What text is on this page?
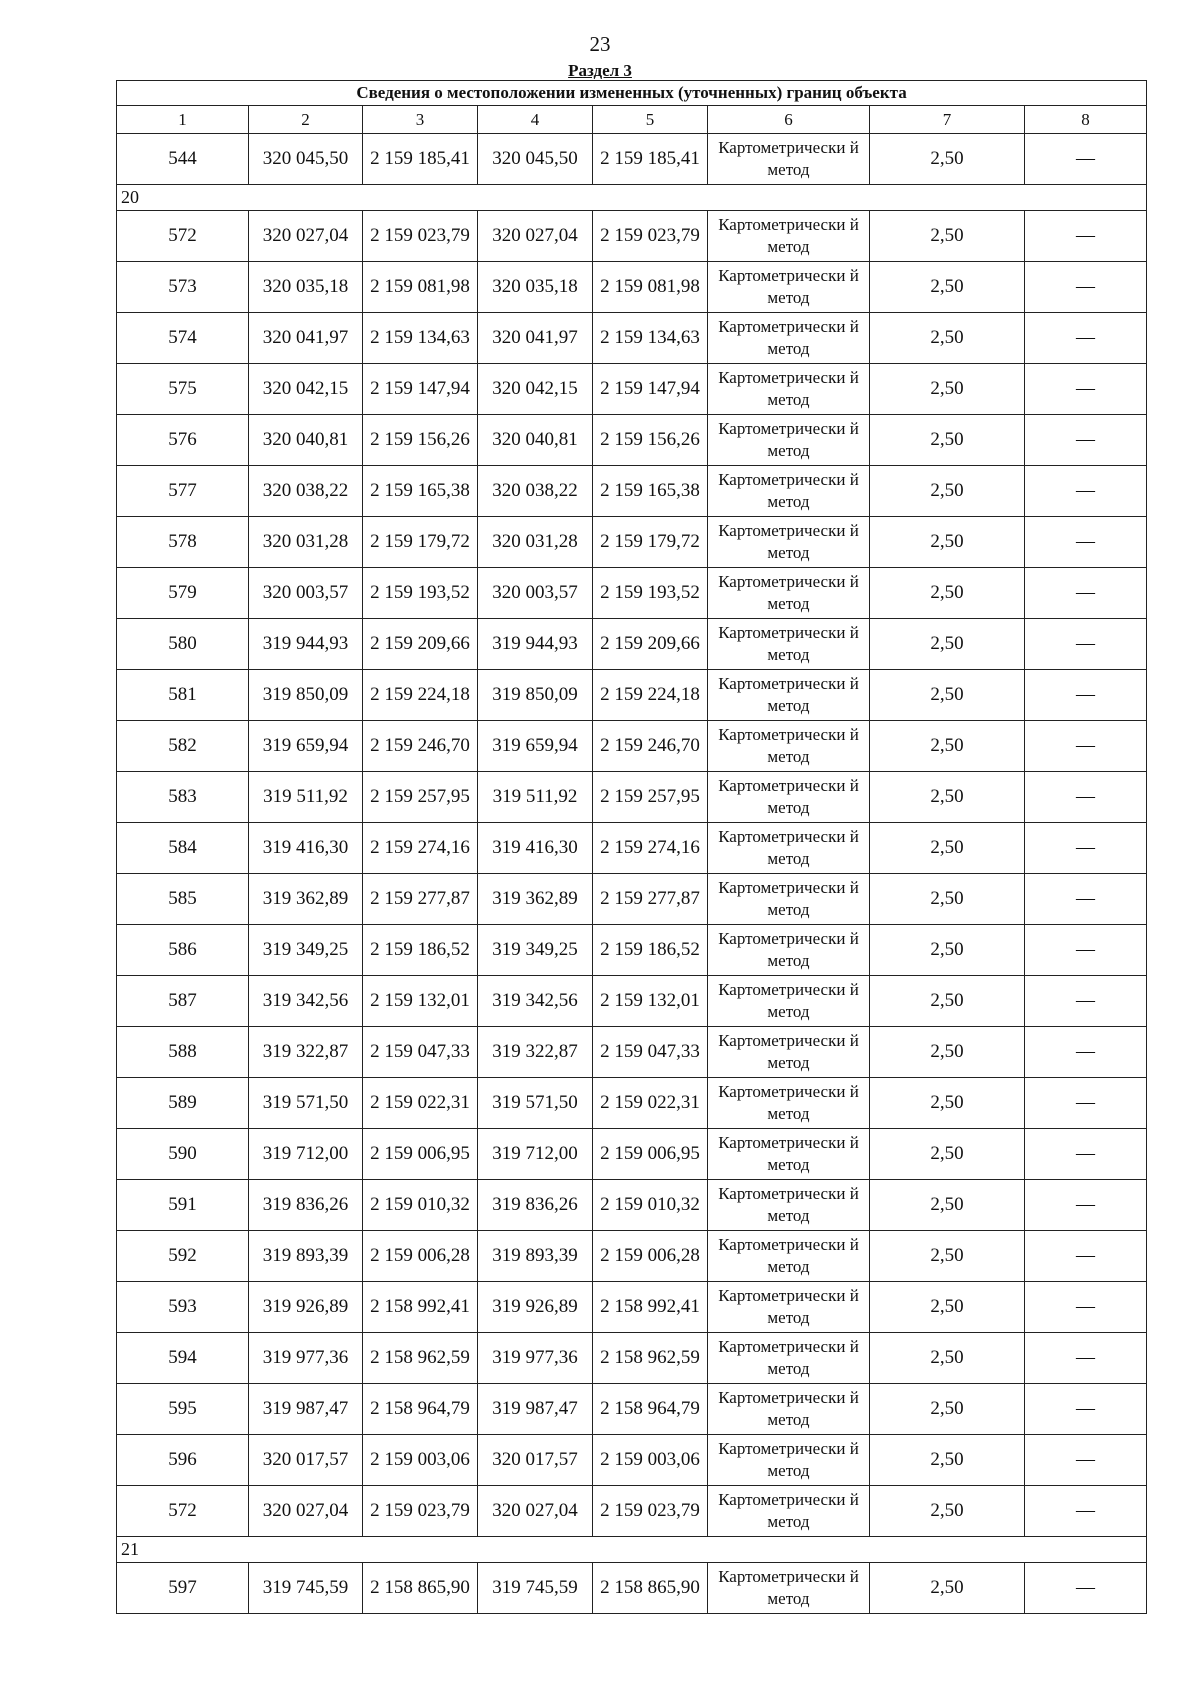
23
Раздел 3
Сведения о местоположении измененных (уточненных) границ объекта							
1	2	3	4	5	6	7	8
544	320 045,50	2 159 185,41	320 045,50	2 159 185,41	Картометрически й метод	2,50	—
20							
572	320 027,04	2 159 023,79	320 027,04	2 159 023,79	Картометрически й метод	2,50	—
573	320 035,18	2 159 081,98	320 035,18	2 159 081,98	Картометрически й метод	2,50	—
574	320 041,97	2 159 134,63	320 041,97	2 159 134,63	Картометрически й метод	2,50	—
575	320 042,15	2 159 147,94	320 042,15	2 159 147,94	Картометрически й метод	2,50	—
576	320 040,81	2 159 156,26	320 040,81	2 159 156,26	Картометрически й метод	2,50	—
577	320 038,22	2 159 165,38	320 038,22	2 159 165,38	Картометрически й метод	2,50	—
578	320 031,28	2 159 179,72	320 031,28	2 159 179,72	Картометрически й метод	2,50	—
579	320 003,57	2 159 193,52	320 003,57	2 159 193,52	Картометрически й метод	2,50	—
580	319 944,93	2 159 209,66	319 944,93	2 159 209,66	Картометрически й метод	2,50	—
581	319 850,09	2 159 224,18	319 850,09	2 159 224,18	Картометрически й метод	2,50	—
582	319 659,94	2 159 246,70	319 659,94	2 159 246,70	Картометрически й метод	2,50	—
583	319 511,92	2 159 257,95	319 511,92	2 159 257,95	Картометрически й метод	2,50	—
584	319 416,30	2 159 274,16	319 416,30	2 159 274,16	Картометрически й метод	2,50	—
585	319 362,89	2 159 277,87	319 362,89	2 159 277,87	Картометрически й метод	2,50	—
586	319 349,25	2 159 186,52	319 349,25	2 159 186,52	Картометрически й метод	2,50	—
587	319 342,56	2 159 132,01	319 342,56	2 159 132,01	Картометрически й метод	2,50	—
588	319 322,87	2 159 047,33	319 322,87	2 159 047,33	Картометрически й метод	2,50	—
589	319 571,50	2 159 022,31	319 571,50	2 159 022,31	Картометрически й метод	2,50	—
590	319 712,00	2 159 006,95	319 712,00	2 159 006,95	Картометрически й метод	2,50	—
591	319 836,26	2 159 010,32	319 836,26	2 159 010,32	Картометрически й метод	2,50	—
592	319 893,39	2 159 006,28	319 893,39	2 159 006,28	Картометрически й метод	2,50	—
593	319 926,89	2 158 992,41	319 926,89	2 158 992,41	Картометрически й метод	2,50	—
594	319 977,36	2 158 962,59	319 977,36	2 158 962,59	Картометрически й метод	2,50	—
595	319 987,47	2 158 964,79	319 987,47	2 158 964,79	Картометрически й метод	2,50	—
596	320 017,57	2 159 003,06	320 017,57	2 159 003,06	Картометрически й метод	2,50	—
572	320 027,04	2 159 023,79	320 027,04	2 159 023,79	Картометрически й метод	2,50	—
21							
597	319 745,59	2 158 865,90	319 745,59	2 158 865,90	Картометрически й метод	2,50	—
